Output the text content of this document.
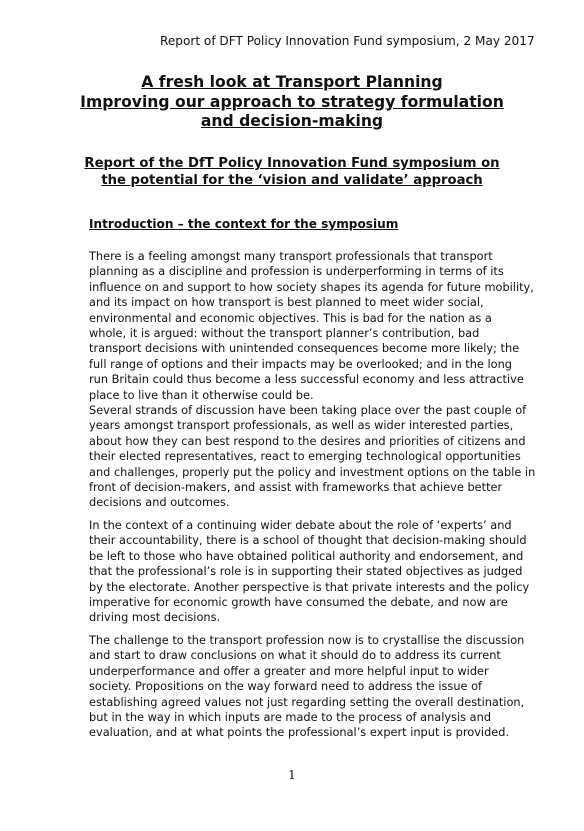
Report of DFT Policy Innovation Fund symposium, 2 May 2017
A fresh look at Transport Planning
Improving our approach to strategy formulation
and decision-making
Report of the DfT Policy Innovation Fund symposium on
the potential for the ‘vision and validate’ approach
Introduction – the context for the symposium
There is a feeling amongst many transport professionals that transport
planning as a discipline and profession is underperforming in terms of its
influence on and support to how society shapes its agenda for future mobility,
and its impact on how transport is best planned to meet wider social,
environmental and economic objectives. This is bad for the nation as a
whole, it is argued: without the transport planner’s contribution, bad
transport decisions with unintended consequences become more likely; the
full range of options and their impacts may be overlooked; and in the long
run Britain could thus become a less successful economy and less attractive
place to live than it otherwise could be.
Several strands of discussion have been taking place over the past couple of
years amongst transport professionals, as well as wider interested parties,
about how they can best respond to the desires and priorities of citizens and
their elected representatives, react to emerging technological opportunities
and challenges, properly put the policy and investment options on the table in
front of decision-makers, and assist with frameworks that achieve better
decisions and outcomes.
In the context of a continuing wider debate about the role of ‘experts’ and
their accountability, there is a school of thought that decision-making should
be left to those who have obtained political authority and endorsement, and
that the professional’s role is in supporting their stated objectives as judged
by the electorate. Another perspective is that private interests and the policy
imperative for economic growth have consumed the debate, and now are
driving most decisions.
The challenge to the transport profession now is to crystallise the discussion
and start to draw conclusions on what it should do to address its current
underperformance and offer a greater and more helpful input to wider
society. Propositions on the way forward need to address the issue of
establishing agreed values not just regarding setting the overall destination,
but in the way in which inputs are made to the process of analysis and
evaluation, and at what points the professional’s expert input is provided.
1
